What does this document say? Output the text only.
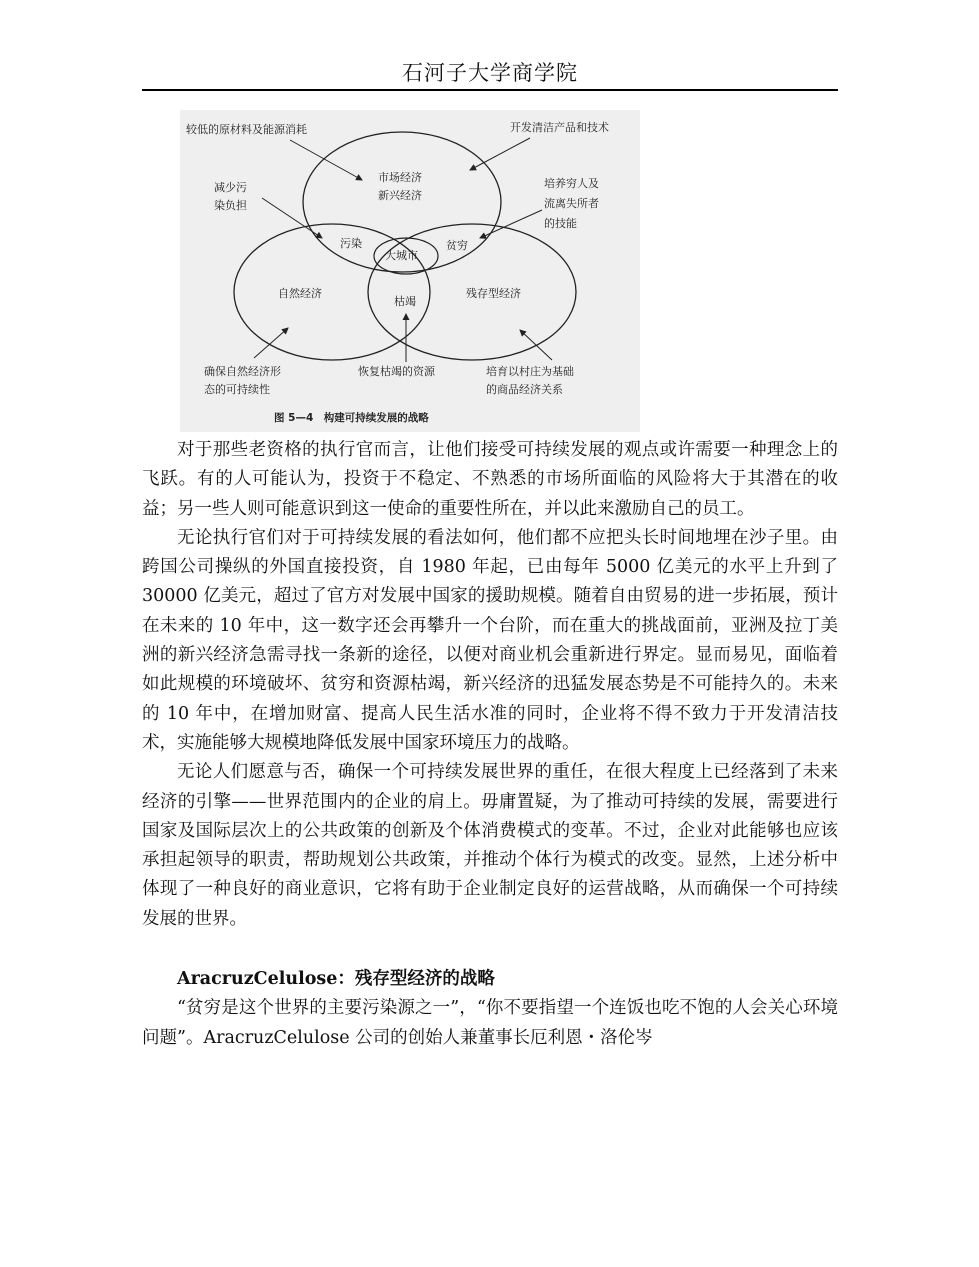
石河子大学商学院
较低的原材料及能源消耗	开发清洁产品和技术
减少污
染负担
培养穷人及
流离失所者
的技能
市场经济
新兴经济
污染
大城市
贫穷
自然经济
枯竭
残存型经济
确保自然经济形
态的可持续性
恢复枯竭的资源	培育以村庄为基础
的商品经济关系
图 5—4　构建可持续发展的战略

对于那些老资格的执行官而言，让他们接受可持续发展的观点或许需要一种理念上的飞跃。有的人可能认为，投资于不稳定、不熟悉的市场所面临的风险将大于其潜在的收益；另一些人则可能意识到这一使命的重要性所在，并以此来激励自己的员工。

无论执行官们对于可持续发展的看法如何，他们都不应把头长时间地埋在沙子里。由跨国公司操纵的外国直接投资，自 1980 年起，已由每年 5000 亿美元的水平上升到了 30000 亿美元，超过了官方对发展中国家的援助规模。随着自由贸易的进一步拓展，预计在未来的 10 年中，这一数字还会再攀升一个台阶，而在重大的挑战面前，亚洲及拉丁美洲的新兴经济急需寻找一条新的途径，以便对商业机会重新进行界定。显而易见，面临着如此规模的环境破坏、贫穷和资源枯竭，新兴经济的迅猛发展态势是不可能持久的。未来的 10 年中，在增加财富、提高人民生活水准的同时，企业将不得不致力于开发清洁技术，实施能够大规模地降低发展中国家环境压力的战略。

无论人们愿意与否，确保一个可持续发展世界的重任，在很大程度上已经落到了未来经济的引擎——世界范围内的企业的肩上。毋庸置疑，为了推动可持续的发展，需要进行国家及国际层次上的公共政策的创新及个体消费模式的变革。不过，企业对此能够也应该承担起领导的职责，帮助规划公共政策，并推动个体行为模式的改变。显然，上述分析中体现了一种良好的商业意识，它将有助于企业制定良好的运营战略，从而确保一个可持续发展的世界。

AracruzCelulose：残存型经济的战略

“贫穷是这个世界的主要污染源之一”，“你不要指望一个连饭也吃不饱的人会关心环境问题”。AracruzCelulose 公司的创始人兼董事长厄利恩・洛伦岑
